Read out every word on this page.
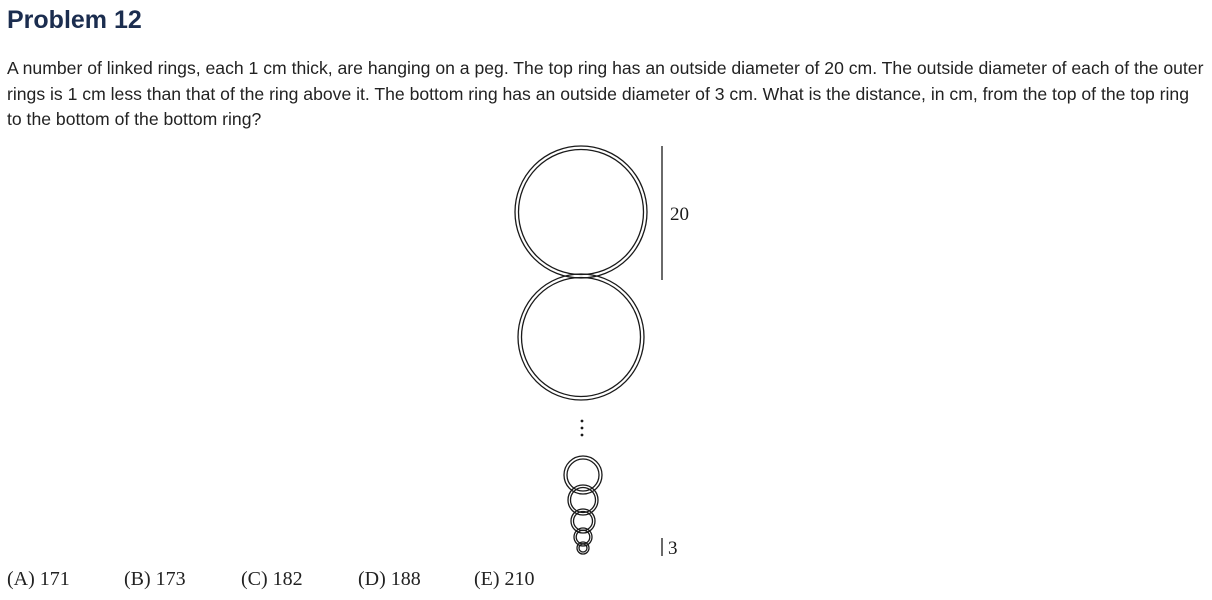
Problem 12
A number of linked rings, each 1 cm thick, are hanging on a peg. The top ring has an outside diameter of 20 cm. The outside diameter of each of the outer rings is 1 cm less than that of the ring above it. The bottom ring has an outside diameter of 3 cm. What is the distance, in cm, from the top of the top ring to the bottom of the bottom ring?
20
3
(A) 171	(B) 173	(C) 182	(D) 188	(E) 210
